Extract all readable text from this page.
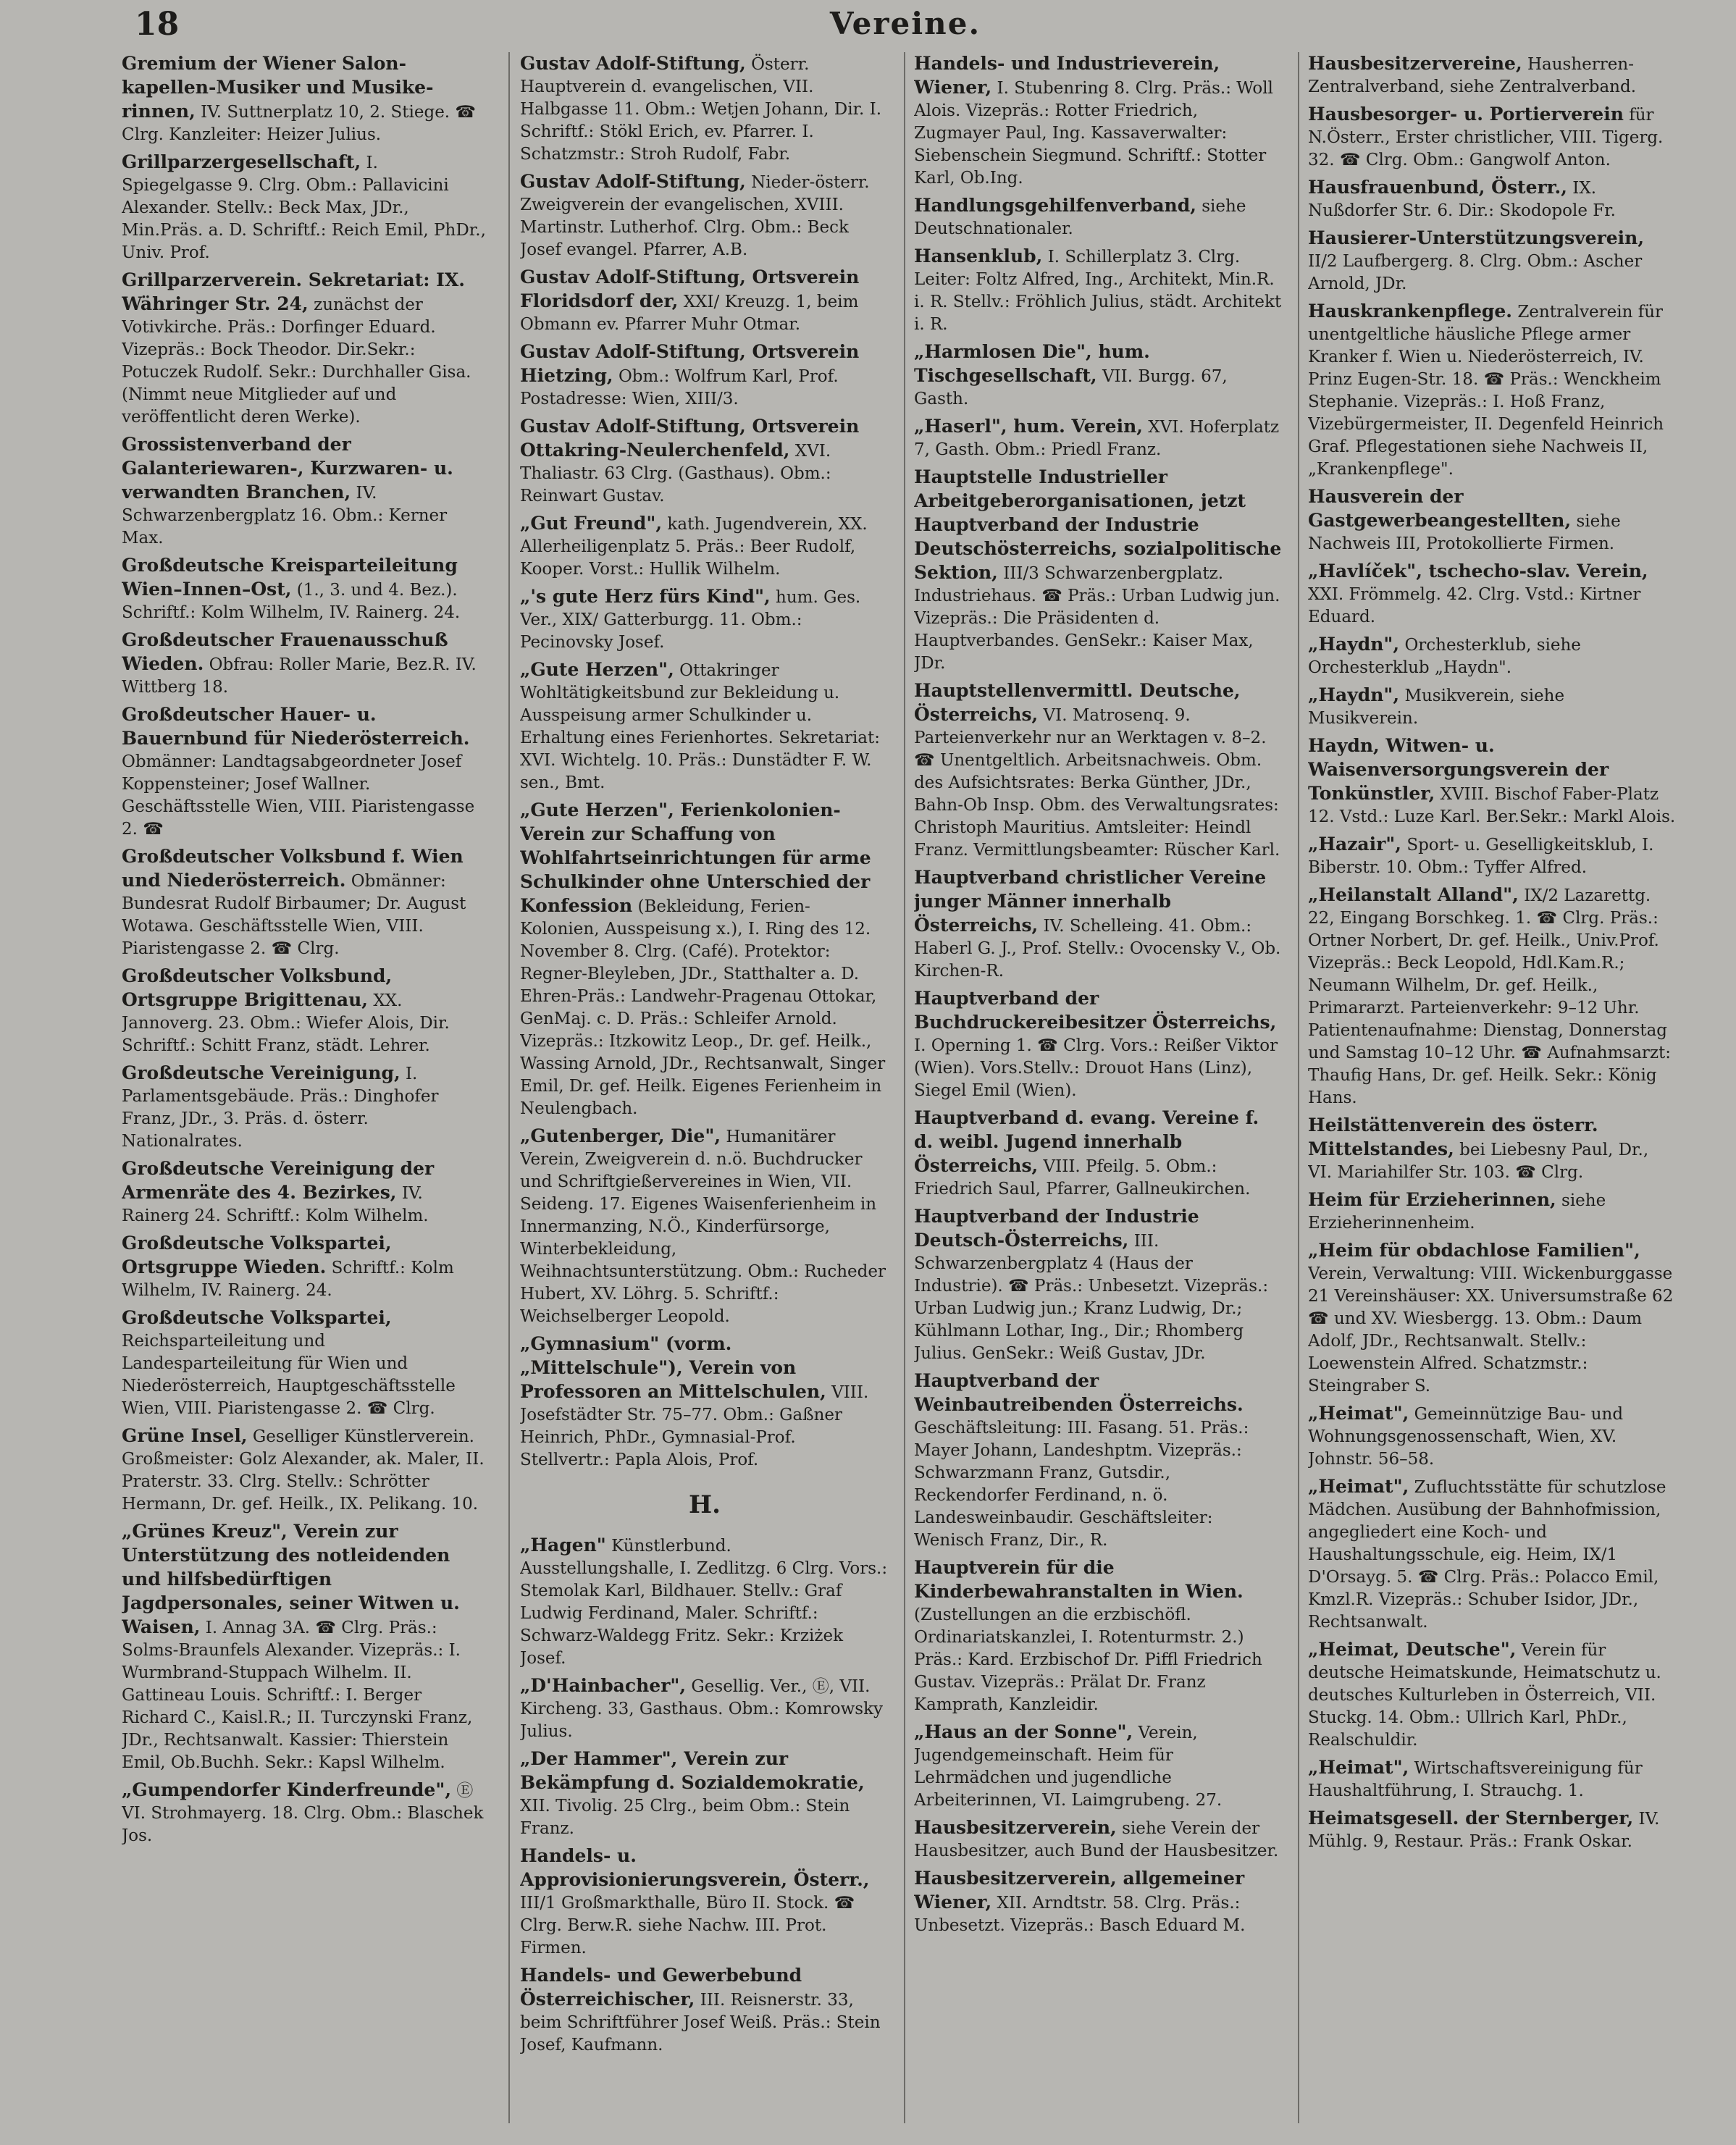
18	Vereine.
Gremium der Wiener Salon-kapellen-Musiker und Musike-rinnen, IV. Suttnerplatz 10, 2. Stiege. ☎ Clrg. Kanzleiter: Heizer Julius.
Grillparzergesellschaft, I. Spiegelgasse 9. Clrg. Obm.: Pallavicini Alexander. Stellv.: Beck Max, JDr., Min.Präs. a. D. Schriftf.: Reich Emil, PhDr., Univ. Prof.
Grillparzerverein. Sekretariat: IX. Währinger Str. 24, zunächst der Votivkirche. Präs.: Dorfinger Eduard. Vizepräs.: Bock Theodor. Dir.Sekr.: Potuczek Rudolf. Sekr.: Durchhaller Gisa. (Nimmt neue Mitglieder auf und veröffentlicht deren Werke).
Grossistenverband der Galanteriewaren-, Kurzwaren- u. verwandten Branchen, IV. Schwarzenbergplatz 16. Obm.: Kerner Max.
Großdeutsche Kreisparteileitung Wien–Innen–Ost, (1., 3. und 4. Bez.). Schriftf.: Kolm Wilhelm, IV. Rainerg. 24.
Großdeutscher Frauenausschuß Wieden. Obfrau: Roller Marie, Bez.R. IV. Wittberg 18.
Großdeutscher Hauer- u. Bauernbund für Niederösterreich. Obmänner: Landtagsabgeordneter Josef Koppensteiner; Josef Wallner. Geschäftsstelle Wien, VIII. Piaristengasse 2. ☎
Großdeutscher Volksbund f. Wien und Niederösterreich. Obmänner: Bundesrat Rudolf Birbaumer; Dr. August Wotawa. Geschäftsstelle Wien, VIII. Piaristengasse 2. ☎ Clrg.
Großdeutscher Volksbund, Ortsgruppe Brigittenau, XX. Jannoverg. 23. Obm.: Wiefer Alois, Dir. Schriftf.: Schitt Franz, städt. Lehrer.
Großdeutsche Vereinigung, I. Parlamentsgebäude. Präs.: Dinghofer Franz, JDr., 3. Präs. d. österr. Nationalrates.
Großdeutsche Vereinigung der Armenräte des 4. Bezirkes, IV. Rainerg 24. Schriftf.: Kolm Wilhelm.
Großdeutsche Volkspartei, Ortsgruppe Wieden. Schriftf.: Kolm Wilhelm, IV. Rainerg. 24.
Großdeutsche Volkspartei, Reichsparteileitung und Landesparteileitung für Wien und Niederösterreich, Hauptgeschäftsstelle Wien, VIII. Piaristengasse 2. ☎ Clrg.
Grüne Insel, Geselliger Künstlerverein. Großmeister: Golz Alexander, ak. Maler, II. Praterstr. 33. Clrg. Stellv.: Schrötter Hermann, Dr. gef. Heilk., IX. Pelikang. 10.
„Grünes Kreuz", Verein zur Unterstützung des notleidenden und hilfsbedürftigen Jagdpersonales, seiner Witwen u. Waisen, I. Annag 3A. ☎ Clrg. Präs.: Solms-Braunfels Alexander. Vizepräs.: I. Wurmbrand-Stuppach Wilhelm. II. Gattineau Louis. Schriftf.: I. Berger Richard C., Kaisl.R.; II. Turczynski Franz, JDr., Rechtsanwalt. Kassier: Thierstein Emil, Ob.Buchh. Sekr.: Kapsl Wilhelm.
„Gumpendorfer Kinderfreunde", Ⓔ VI. Strohmayerg. 18. Clrg. Obm.: Blaschek Jos.
Gustav Adolf-Stiftung, Österr. Hauptverein d. evangelischen, VII. Halbgasse 11. Obm.: Wetjen Johann, Dir. I. Schriftf.: Stökl Erich, ev. Pfarrer. I. Schatzmstr.: Stroh Rudolf, Fabr.
Gustav Adolf-Stiftung, Nieder-österr. Zweigverein der evangelischen, XVIII. Martinstr. Lutherhof. Clrg. Obm.: Beck Josef evangel. Pfarrer, A.B.
Gustav Adolf-Stiftung, Ortsverein Floridsdorf der, XXI/ Kreuzg. 1, beim Obmann ev. Pfarrer Muhr Otmar.
Gustav Adolf-Stiftung, Ortsverein Hietzing, Obm.: Wolfrum Karl, Prof. Postadresse: Wien, XIII/3.
Gustav Adolf-Stiftung, Ortsverein Ottakring-Neulerchenfeld, XVI. Thaliastr. 63 Clrg. (Gasthaus). Obm.: Reinwart Gustav.
„Gut Freund", kath. Jugendverein, XX. Allerheiligenplatz 5. Präs.: Beer Rudolf, Kooper. Vorst.: Hullik Wilhelm.
„'s gute Herz fürs Kind", hum. Ges. Ver., XIX/ Gatterburgg. 11. Obm.: Pecinovsky Josef.
„Gute Herzen", Ottakringer Wohltätigkeitsbund zur Bekleidung u. Ausspeisung armer Schulkinder u. Erhaltung eines Ferienhortes. Sekretariat: XVI. Wichtelg. 10. Präs.: Dunstädter F. W. sen., Bmt.
„Gute Herzen", Ferienkolonien-Verein zur Schaffung von Wohlfahrtseinrichtungen für arme Schulkinder ohne Unterschied der Konfession (Bekleidung, Ferien-Kolonien, Ausspeisung x.), I. Ring des 12. November 8. Clrg. (Café). Protektor: Regner-Bleyleben, JDr., Statthalter a. D. Ehren-Präs.: Landwehr-Pragenau Ottokar, GenMaj. c. D. Präs.: Schleifer Arnold. Vizepräs.: Itzkowitz Leop., Dr. gef. Heilk., Wassing Arnold, JDr., Rechtsanwalt, Singer Emil, Dr. gef. Heilk. Eigenes Ferienheim in Neulengbach.
„Gutenberger, Die", Humanitärer Verein, Zweigverein d. n.ö. Buchdrucker und Schriftgießervereines in Wien, VII. Seideng. 17. Eigenes Waisenferienheim in Innermanzing, N.Ö., Kinderfürsorge, Winterbekleidung, Weihnachtsunterstützung. Obm.: Rucheder Hubert, XV. Löhrg. 5. Schriftf.: Weichselberger Leopold.
„Gymnasium" (vorm. „Mittelschule"), Verein von Professoren an Mittelschulen, VIII. Josefstädter Str. 75–77. Obm.: Gaßner Heinrich, PhDr., Gymnasial-Prof. Stellvertr.: Papla Alois, Prof.
H.
„Hagen" Künstlerbund. Ausstellungshalle, I. Zedlitzg. 6 Clrg. Vors.: Stemolak Karl, Bildhauer. Stellv.: Graf Ludwig Ferdinand, Maler. Schriftf.: Schwarz-Waldegg Fritz. Sekr.: Krziżek Josef.
„D'Hainbacher", Gesellig. Ver., Ⓔ, VII. Kircheng. 33, Gasthaus. Obm.: Komrowsky Julius.
„Der Hammer", Verein zur Bekämpfung d. Sozialdemokratie, XII. Tivolig. 25 Clrg., beim Obm.: Stein Franz.
Handels- u. Approvisionierungsverein, Österr., III/1 Großmarkthalle, Büro II. Stock. ☎ Clrg. Berw.R. siehe Nachw. III. Prot. Firmen.
Handels- und Gewerbebund Österreichischer, III. Reisnerstr. 33, beim Schriftführer Josef Weiß. Präs.: Stein Josef, Kaufmann.
Handels- und Industrieverein, Wiener, I. Stubenring 8. Clrg. Präs.: Woll Alois. Vizepräs.: Rotter Friedrich, Zugmayer Paul, Ing. Kassaverwalter: Siebenschein Siegmund. Schriftf.: Stotter Karl, Ob.Ing.
Handlungsgehilfenverband, siehe Deutschnationaler.
Hansenklub, I. Schillerplatz 3. Clrg. Leiter: Foltz Alfred, Ing., Architekt, Min.R. i. R. Stellv.: Fröhlich Julius, städt. Architekt i. R.
„Harmlosen Die", hum. Tischgesellschaft, VII. Burgg. 67, Gasth.
„Haserl", hum. Verein, XVI. Hoferplatz 7, Gasth. Obm.: Priedl Franz.
Hauptstelle Industrieller Arbeitgeberorganisationen, jetzt Hauptverband der Industrie Deutschösterreichs, sozialpolitische Sektion, III/3 Schwarzenbergplatz. Industriehaus. ☎ Präs.: Urban Ludwig jun. Vizepräs.: Die Präsidenten d. Hauptverbandes. GenSekr.: Kaiser Max, JDr.
Hauptstellenvermittl. Deutsche, Österreichs, VI. Matrosenq. 9. Parteienverkehr nur an Werktagen v. 8–2. ☎ Unentgeltlich. Arbeitsnachweis. Obm. des Aufsichtsrates: Berka Günther, JDr., Bahn-Ob Insp. Obm. des Verwaltungsrates: Christoph Mauritius. Amtsleiter: Heindl Franz. Vermittlungsbeamter: Rüscher Karl.
Hauptverband christlicher Vereine junger Männer innerhalb Österreichs, IV. Schelleing. 41. Obm.: Haberl G. J., Prof. Stellv.: Ovocensky V., Ob. Kirchen-R.
Hauptverband der Buchdruckereibesitzer Österreichs, I. Operning 1. ☎ Clrg. Vors.: Reißer Viktor (Wien). Vors.Stellv.: Drouot Hans (Linz), Siegel Emil (Wien).
Hauptverband d. evang. Vereine f. d. weibl. Jugend innerhalb Österreichs, VIII. Pfeilg. 5. Obm.: Friedrich Saul, Pfarrer, Gallneukirchen.
Hauptverband der Industrie Deutsch-Österreichs, III. Schwarzenbergplatz 4 (Haus der Industrie). ☎ Präs.: Unbesetzt. Vizepräs.: Urban Ludwig jun.; Kranz Ludwig, Dr.; Kühlmann Lothar, Ing., Dir.; Rhomberg Julius. GenSekr.: Weiß Gustav, JDr.
Hauptverband der Weinbautreibenden Österreichs. Geschäftsleitung: III. Fasang. 51. Präs.: Mayer Johann, Landeshptm. Vizepräs.: Schwarzmann Franz, Gutsdir., Reckendorfer Ferdinand, n. ö. Landesweinbaudir. Geschäftsleiter: Wenisch Franz, Dir., R.
Hauptverein für die Kinderbewahranstalten in Wien. (Zustellungen an die erzbischöfl. Ordinariatskanzlei, I. Rotenturmstr. 2.) Präs.: Kard. Erzbischof Dr. Piffl Friedrich Gustav. Vizepräs.: Prälat Dr. Franz Kamprath, Kanzleidir.
„Haus an der Sonne", Verein, Jugendgemeinschaft. Heim für Lehrmädchen und jugendliche Arbeiterinnen, VI. Laimgrubeng. 27.
Hausbesitzerverein, siehe Verein der Hausbesitzer, auch Bund der Hausbesitzer.
Hausbesitzerverein, allgemeiner Wiener, XII. Arndtstr. 58. Clrg. Präs.: Unbesetzt. Vizepräs.: Basch Eduard M.
Hausbesitzervereine, Hausherren-Zentralverband, siehe Zentralverband.
Hausbesorger- u. Portierverein für N.Österr., Erster christlicher, VIII. Tigerg. 32. ☎ Clrg. Obm.: Gangwolf Anton.
Hausfrauenbund, Österr., IX. Nußdorfer Str. 6. Dir.: Skodopole Fr.
Hausierer-Unterstützungsverein, II/2 Laufbergerg. 8. Clrg. Obm.: Ascher Arnold, JDr.
Hauskrankenpflege. Zentralverein für unentgeltliche häusliche Pflege armer Kranker f. Wien u. Niederösterreich, IV. Prinz Eugen-Str. 18. ☎ Präs.: Wenckheim Stephanie. Vizepräs.: I. Hoß Franz, Vizebürgermeister, II. Degenfeld Heinrich Graf. Pflegestationen siehe Nachweis II, „Krankenpflege".
Hausverein der Gastgewerbeangestellten, siehe Nachweis III, Protokollierte Firmen.
„Havlíček", tschecho-slav. Verein, XXI. Frömmelg. 42. Clrg. Vstd.: Kirtner Eduard.
„Haydn", Orchesterklub, siehe Orchesterklub „Haydn".
„Haydn", Musikverein, siehe Musikverein.
Haydn, Witwen- u. Waisenversorgungsverein der Tonkünstler, XVIII. Bischof Faber-Platz 12. Vstd.: Luze Karl. Ber.Sekr.: Markl Alois.
„Hazair", Sport- u. Geselligkeitsklub, I. Biberstr. 10. Obm.: Tyffer Alfred.
„Heilanstalt Alland", IX/2 Lazarettg. 22, Eingang Borschkeg. 1. ☎ Clrg. Präs.: Ortner Norbert, Dr. gef. Heilk., Univ.Prof. Vizepräs.: Beck Leopold, Hdl.Kam.R.; Neumann Wilhelm, Dr. gef. Heilk., Primararzt. Parteienverkehr: 9–12 Uhr. Patientenaufnahme: Dienstag, Donnerstag und Samstag 10–12 Uhr. ☎ Aufnahmsarzt: Thaufig Hans, Dr. gef. Heilk. Sekr.: König Hans.
Heilstättenverein des österr. Mittelstandes, bei Liebesny Paul, Dr., VI. Mariahilfer Str. 103. ☎ Clrg.
Heim für Erzieherinnen, siehe Erzieherinnenheim.
„Heim für obdachlose Familien", Verein, Verwaltung: VIII. Wickenburggasse 21 Vereinshäuser: XX. Universumstraße 62 ☎ und XV. Wiesbergg. 13. Obm.: Daum Adolf, JDr., Rechtsanwalt. Stellv.: Loewenstein Alfred. Schatzmstr.: Steingraber S.
„Heimat", Gemeinnützige Bau- und Wohnungsgenossenschaft, Wien, XV. Johnstr. 56–58.
„Heimat", Zufluchtsstätte für schutzlose Mädchen. Ausübung der Bahnhofmission, angegliedert eine Koch- und Haushaltungsschule, eig. Heim, IX/1 D'Orsayg. 5. ☎ Clrg. Präs.: Polacco Emil, Kmzl.R. Vizepräs.: Schuber Isidor, JDr., Rechtsanwalt.
„Heimat, Deutsche", Verein für deutsche Heimatskunde, Heimatschutz u. deutsches Kulturleben in Österreich, VII. Stuckg. 14. Obm.: Ullrich Karl, PhDr., Realschuldir.
„Heimat", Wirtschaftsvereinigung für Haushaltführung, I. Strauchg. 1.
Heimatsgesell. der Sternberger, IV. Mühlg. 9, Restaur. Präs.: Frank Oskar.
